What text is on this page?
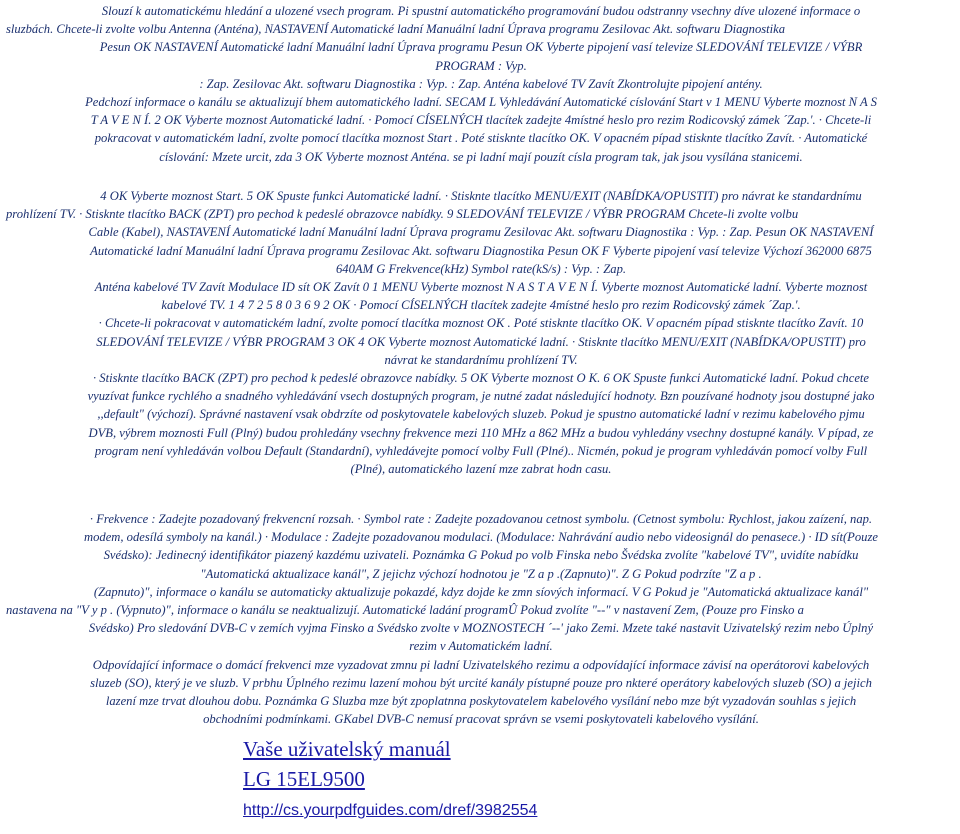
Slouzí k automatickému hledání a ulozené vsech program. Pi spustní automatického programování budou odstranny vsechny díve ulozené informace o

sluzbách. Chcete-li zvolte volbu Antenna (Anténa), NASTAVENÍ Automatické ladní Manuální ladní Úprava programu Zesilovac Akt. softwaru Diagnostika

Pesun OK NASTAVENÍ Automatické ladní Manuální ladní Úprava programu Pesun OK Vyberte pipojení vasí televize SLEDOVÁNÍ TELEVIZE / VÝBR

PROGRAM : Vyp.

: Zap. Zesilovac Akt. softwaru Diagnostika : Vyp. : Zap. Anténa kabelové TV Zavít Zkontrolujte pipojení antény.

Pedchozí informace o kanálu se aktualizují bhem automatického ladní. SECAM L Vyhledávání Automatické císlování Start v 1 MENU Vyberte moznost N A S

T A V E N Í. 2 OK Vyberte moznost Automatické ladní. · Pomocí CÍSELNÝCH tlacítek zadejte 4místné heslo pro rezim Rodicovský zámek ´Zap.'. · Chcete-li

pokracovat v automatickém ladní, zvolte pomocí tlacítka moznost Start . Poté stisknte tlacítko OK. V opacném pípad stisknte tlacítko Zavít. · Automatické

císlování: Mzete urcit, zda 3 OK Vyberte moznost Anténa. se pi ladní mají pouzít císla program tak, jak jsou vysílána stanicemi.

4 OK Vyberte moznost Start. 5 OK Spuste funkci Automatické ladní. · Stisknte tlacítko MENU/EXIT (NABÍDKA/OPUSTIT) pro návrat ke standardnímu

prohlízení TV. · Stisknte tlacítko BACK (ZPT) pro pechod k pedeslé obrazovce nabídky. 9 SLEDOVÁNÍ TELEVIZE / VÝBR PROGRAM Chcete-li zvolte volbu

Cable (Kabel), NASTAVENÍ Automatické ladní Manuální ladní Úprava programu Zesilovac Akt. softwaru Diagnostika : Vyp. : Zap. Pesun OK NASTAVENÍ

Automatické ladní Manuální ladní Úprava programu Zesilovac Akt. softwaru Diagnostika Pesun OK F Vyberte pipojení vasí televize Výchozí 362000 6875

640AM G Frekvence(kHz) Symbol rate(kS/s) : Vyp. : Zap.

Anténa kabelové TV Zavít Modulace ID sít OK Zavít 0 1 MENU Vyberte moznost N A S T A V E N Í. Vyberte moznost Automatické ladní. Vyberte moznost

kabelové TV. 1 4 7 2 5 8 0 3 6 9 2 OK · Pomocí CÍSELNÝCH tlacítek zadejte 4místné heslo pro rezim Rodicovský zámek ´Zap.'.

· Chcete-li pokracovat v automatickém ladní, zvolte pomocí tlacítka moznost OK . Poté stisknte tlacítko OK. V opacném pípad stisknte tlacítko Zavít. 10

SLEDOVÁNÍ TELEVIZE / VÝBR PROGRAM 3 OK 4 OK Vyberte moznost Automatické ladní. · Stisknte tlacítko MENU/EXIT (NABÍDKA/OPUSTIT) pro

návrat ke standardnímu prohlízení TV.

· Stisknte tlacítko BACK (ZPT) pro pechod k pedeslé obrazovce nabídky. 5 OK Vyberte moznost O K. 6 OK Spuste funkci Automatické ladní. Pokud chcete

vyuzívat funkce rychlého a snadného vyhledávání vsech dostupných program, je nutné zadat následující hodnoty. Bzn pouzívané hodnoty jsou dostupné jako

,,default" (výchozí). Správné nastavení vsak obdrzíte od poskytovatele kabelových sluzeb. Pokud je spustno automatické ladní v rezimu kabelového pjmu

DVB, výbrem moznosti Full (Plný) budou prohledány vsechny frekvence mezi 110 MHz a 862 MHz a budou vyhledány vsechny dostupné kanály. V pípad, ze

program není vyhledáván volbou Default (Standardní), vyhledávejte pomocí volby Full (Plné).. Nicmén, pokud je program vyhledáván pomocí volby Full

(Plné), automatického lazení mze zabrat hodn casu.

· Frekvence : Zadejte pozadovaný frekvencní rozsah. · Symbol rate : Zadejte pozadovanou cetnost symbolu. (Cetnost symbolu: Rychlost, jakou zaízení, nap.

modem, odesílá symboly na kanál.) · Modulace : Zadejte pozadovanou modulaci. (Modulace: Nahrávání audio nebo videosignál do penasece.) · ID sít(Pouze

Svédsko): Jedinecný identifikátor piazený kazdému uzivateli. Poznámka G Pokud po volb Finska nebo Švédska zvolíte "kabelové TV", uvidíte nabídku

"Automatická aktualizace kanál", Z jejichz výchozí hodnotou je "Z a p .(Zapnuto)". Z G Pokud podrzíte "Z a p .

(Zapnuto)", informace o kanálu se automaticky aktualizuje pokazdé, kdyz dojde ke zmn síových informací. V G Pokud je "Automatická aktualizace kanál"

nastavena na "V y p . (Vypnuto)", informace o kanálu se neaktualizují. Automatické ladání programÛ Pokud zvolíte "--" v nastavení Zem, (Pouze pro Finsko a

Svédsko) Pro sledování DVB-C v zemích vyjma Finsko a Svédsko zvolte v MOZNOSTECH ´--' jako Zemi. Mzete také nastavit Uzivatelský rezim nebo Úplný

rezim v Automatickém ladní.

Odpovídající informace o domácí frekvenci mze vyzadovat zmnu pi ladní Uzivatelského rezimu a odpovídající informace závisí na operátorovi kabelových

sluzeb (SO), který je ve sluzb. V prbhu Úplného rezimu lazení mohou být urcité kanály pístupné pouze pro nkteré operátory kabelových sluzeb (SO) a jejich

lazení mze trvat dlouhou dobu. Poznámka G Sluzba mze být zpoplatnna poskytovatelem kabelového vysílání nebo mze být vyzadován souhlas s jejich

obchodními podmínkami. GKabel DVB-C nemusí pracovat správn se vsemi poskytovateli kabelového vysílání.

Vaše uživatelský manuál
LG 15EL9500
http://cs.yourpdfguides.com/dref/3982554
